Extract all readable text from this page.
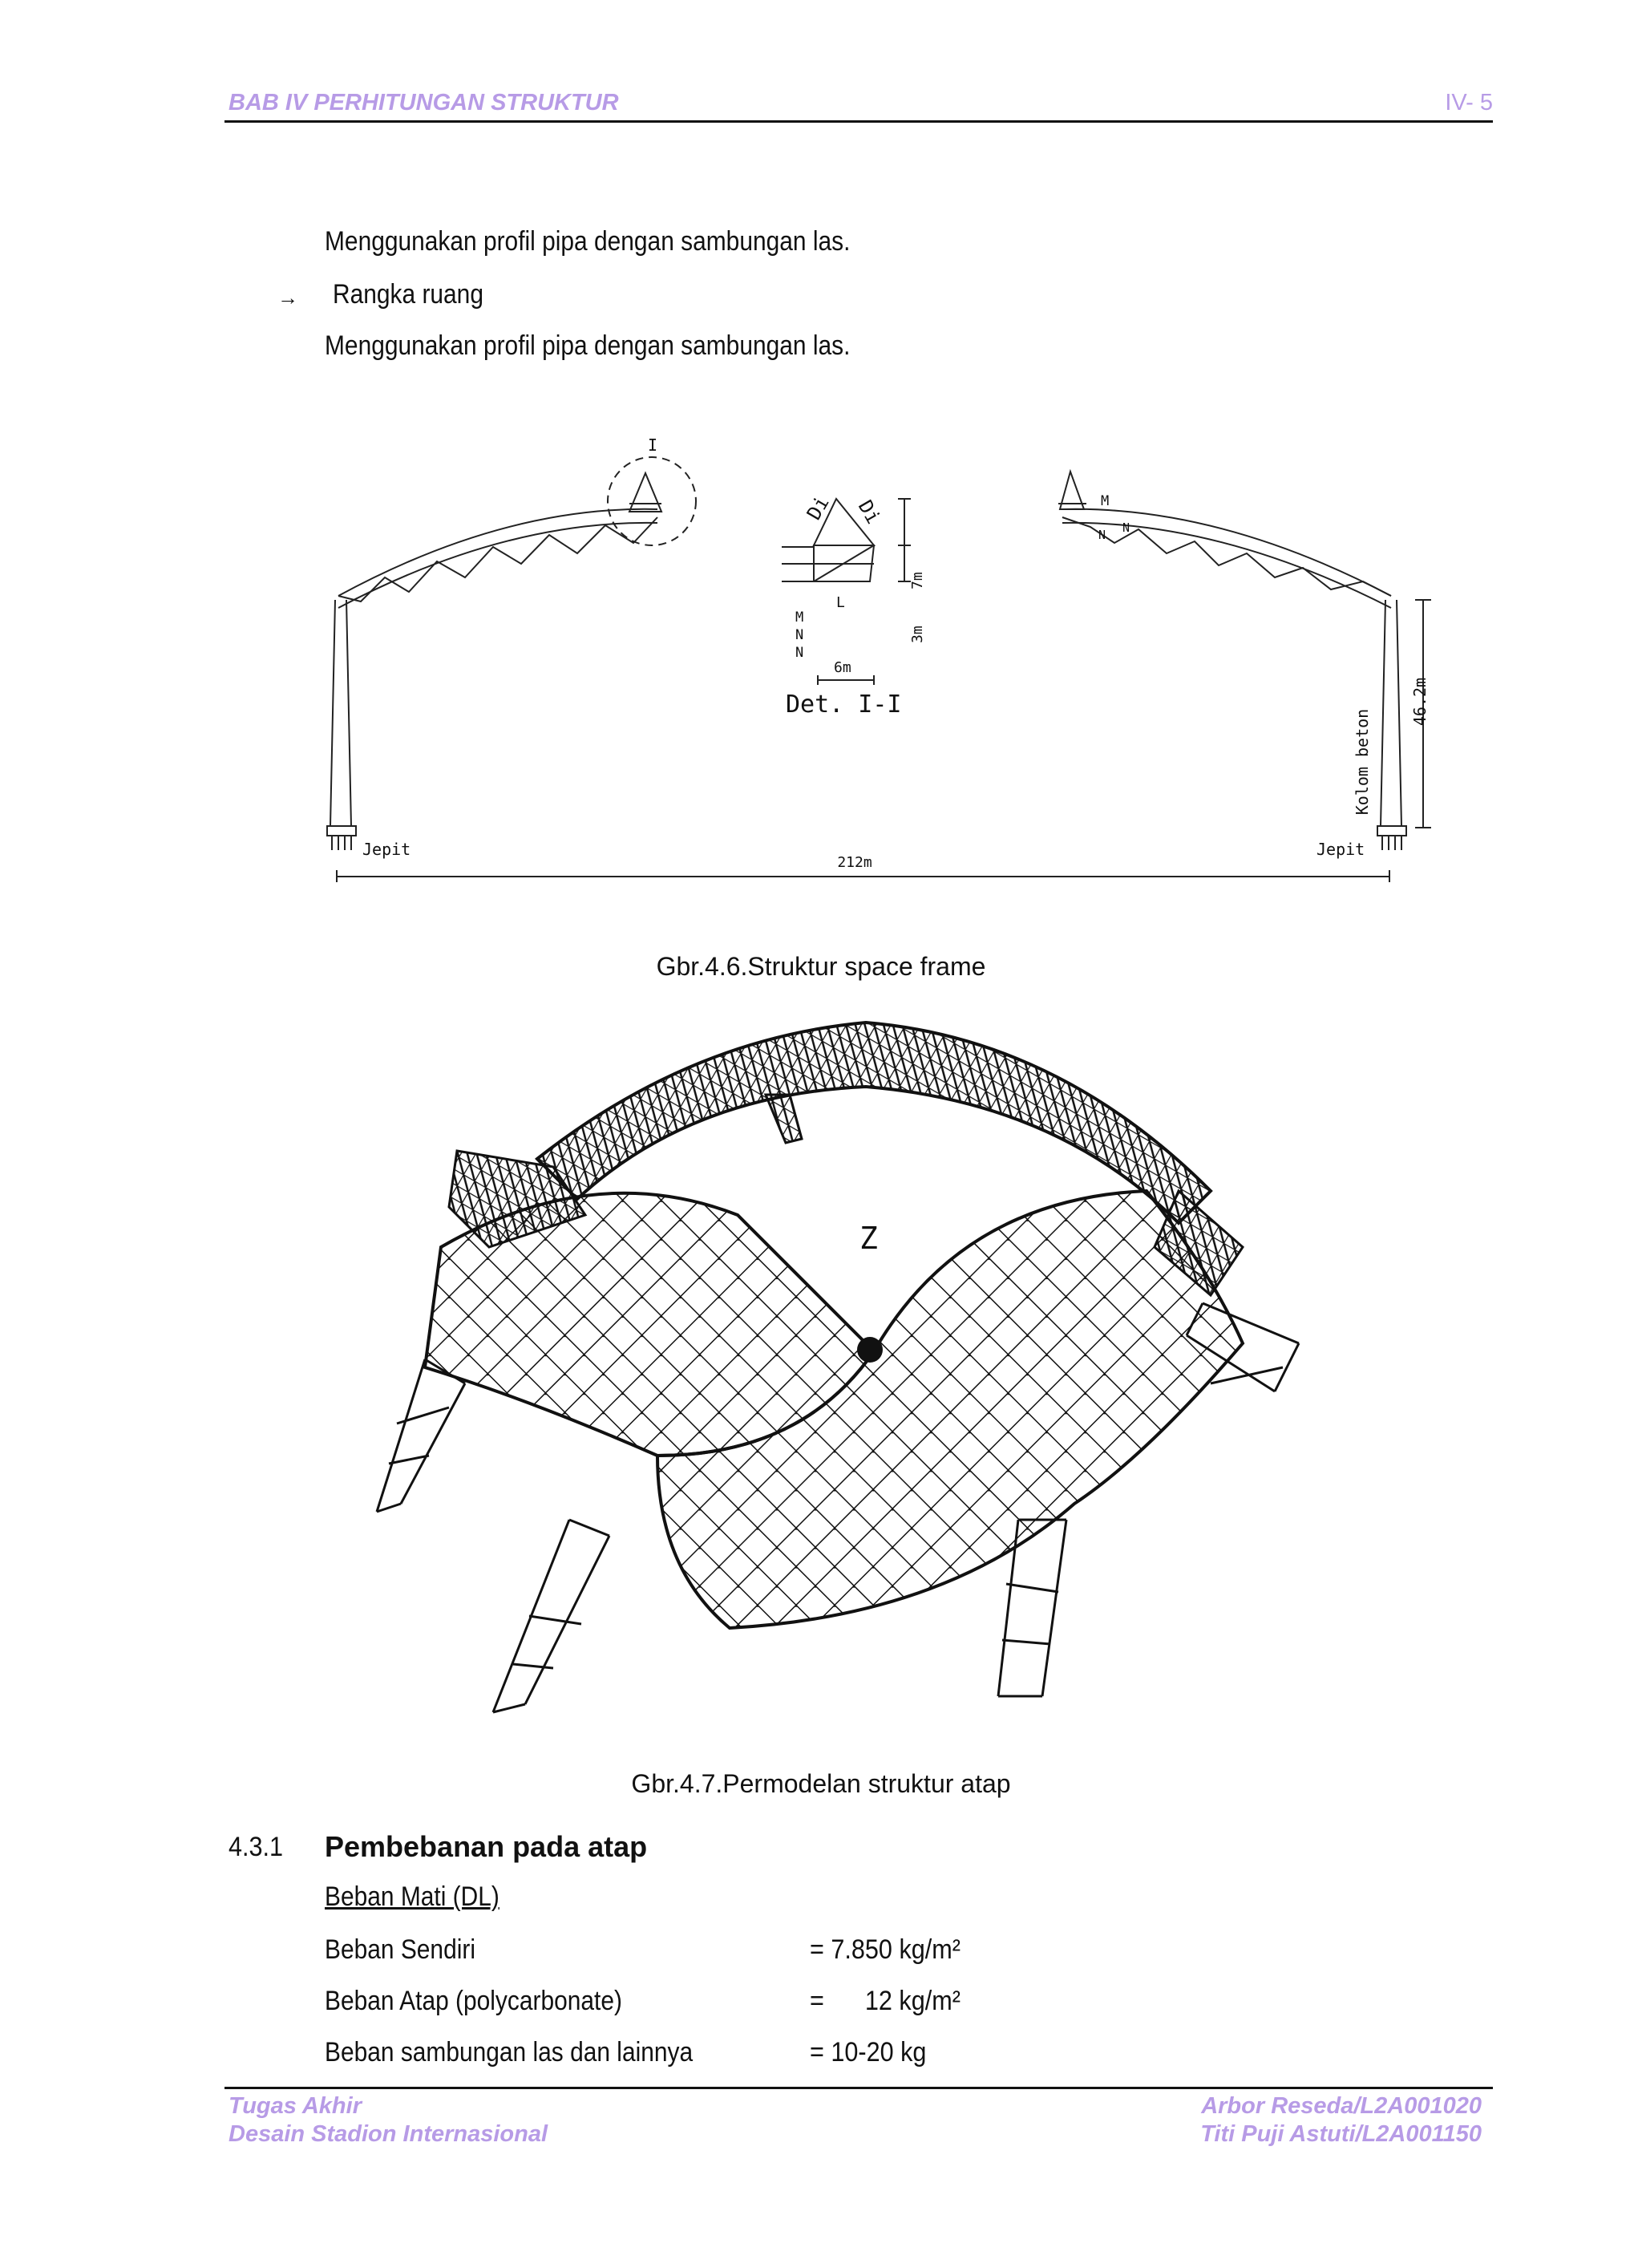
BAB IV PERHITUNGAN STRUKTUR	IV- 5
Menggunakan profil pipa dengan sambungan las.
→ Rangka ruang
Menggunakan profil pipa dengan sambungan las.
I
Di Di
L
M
N
N
7m
3m
6m
Det. I-I
M
N N
Kolom beton
46.2m
Jepit	Jepit
212m
Gbr.4.6.Struktur space frame
Z
Gbr.4.7.Permodelan struktur atap
4.3.1 Pembebanan pada atap
Beban Mati (DL)
Beban Sendiri	= 7.850 kg/m²
Beban Atap (polycarbonate)	=      12 kg/m²
Beban sambungan las dan lainnya	= 10-20 kg
Tugas Akhir
Desain Stadion Internasional
Arbor Reseda/L2A001020
Titi Puji Astuti/L2A001150
